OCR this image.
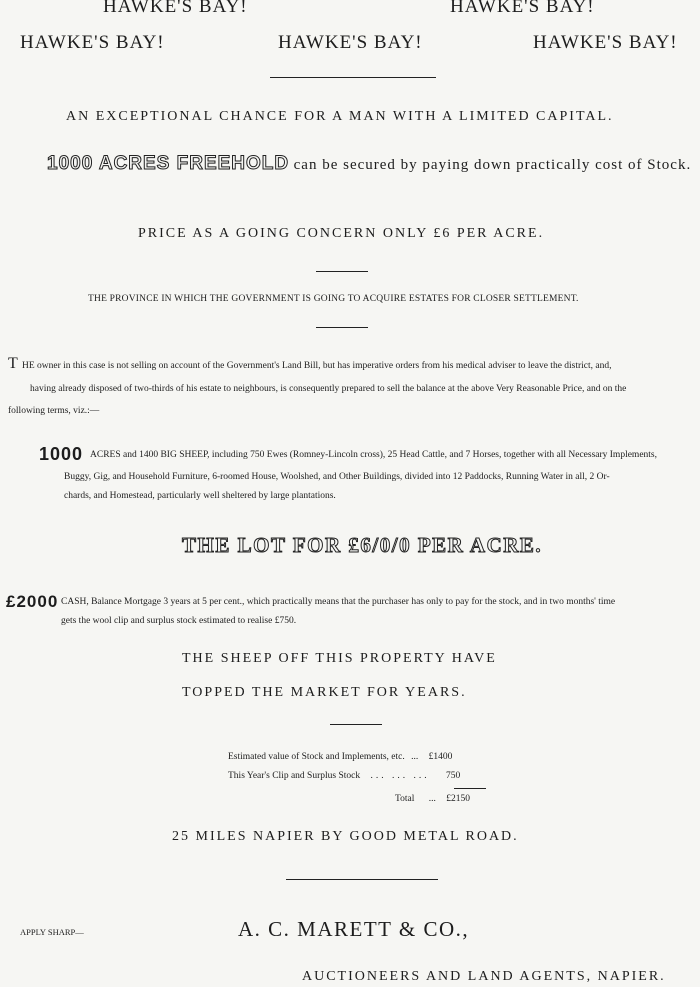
HAWKE'S BAY!	HAWKE'S BAY!
HAWKE'S BAY!	HAWKE'S BAY!	HAWKE'S BAY!
AN EXCEPTIONAL CHANCE FOR A MAN WITH A LIMITED CAPITAL.
1000 ACRES FREEHOLD can be secured by paying down practically cost of Stock.
PRICE AS A GOING CONCERN ONLY £6 PER ACRE.
THE PROVINCE IN WHICH THE GOVERNMENT IS GOING TO ACQUIRE ESTATES FOR CLOSER SETTLEMENT.
T HE owner in this case is not selling on account of the Government's Land Bill, but has imperative orders from his medical adviser to leave the district, and,
having already disposed of two-thirds of his estate to neighbours, is consequently prepared to sell the balance at the above Very Reasonable Price, and on the
following terms, viz.:—
1000 ACRES and 1400 BIG SHEEP, including 750 Ewes (Romney-Lincoln cross), 25 Head Cattle, and 7 Horses, together with all Necessary Implements,
Buggy, Gig, and Household Furniture, 6-roomed House, Woolshed, and Other Buildings, divided into 12 Paddocks, Running Water in all, 2 Or-
chards, and Homestead, particularly well sheltered by large plantations.
THE LOT FOR £6/0/0 PER ACRE.
£2000 CASH, Balance Mortgage 3 years at 5 per cent., which practically means that the purchaser has only to pay for the stock, and in two months' time
gets the wool clip and surplus stock estimated to realise £750.
THE SHEEP OFF THIS PROPERTY HAVE
TOPPED THE MARKET FOR YEARS.
Estimated value of Stock and Implements, etc. ... £1400
This Year's Clip and Surplus Stock ... ... ... 750
Total ... £2150
25 MILES NAPIER BY GOOD METAL ROAD.
APPLY SHARP—	A. C. MARETT & CO.,
AUCTIONEERS AND LAND AGENTS, NAPIER.
